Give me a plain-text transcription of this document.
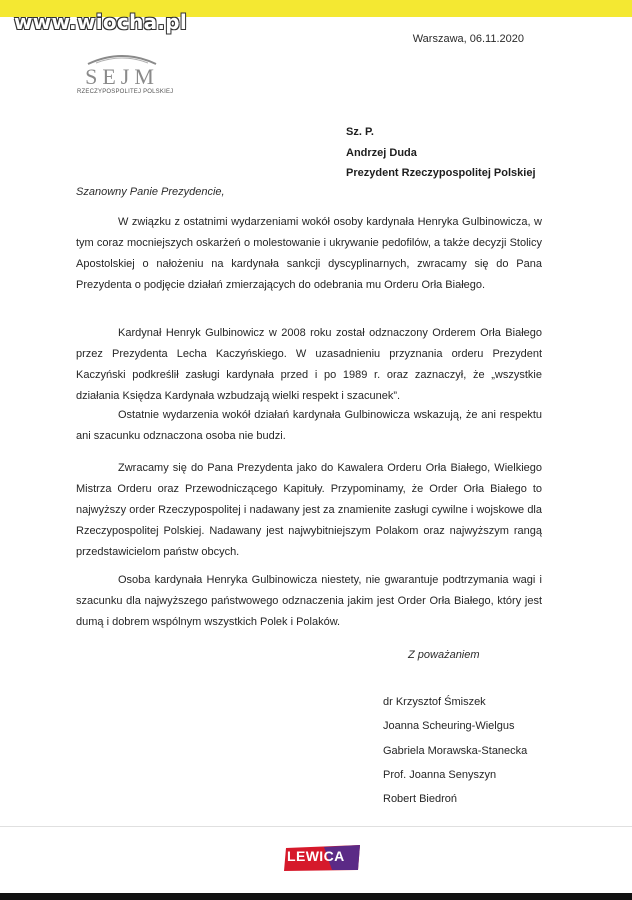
www.wiocha.pl
SEJM
RZECZYPOSPOLITEJ POLSKIEJ
Warszawa, 06.11.2020
Sz. P.
Andrzej Duda
Prezydent Rzeczypospolitej Polskiej
Szanowny Panie Prezydencie,

W związku z ostatnimi wydarzeniami wokół osoby kardynała Henryka Gulbinowicza, w tym coraz mocniejszych oskarżeń o molestowanie i ukrywanie pedofilów, a także decyzji Stolicy Apostolskiej o nałożeniu na kardynała sankcji dyscyplinarnych, zwracamy się do Pana Prezydenta o podjęcie działań zmierzających do odebrania mu Orderu Orła Białego.

Kardynał Henryk Gulbinowicz w 2008 roku został odznaczony Orderem Orła Białego przez Prezydenta Lecha Kaczyńskiego. W uzasadnieniu przyznania orderu Prezydent Kaczyński podkreślił zasługi kardynała przed i po 1989 r. oraz zaznaczył, że „wszystkie działania Księdza Kardynała wzbudzają wielki respekt i szacunek”.

Ostatnie wydarzenia wokół działań kardynała Gulbinowicza wskazują, że ani respektu ani szacunku odznaczona osoba nie budzi.

Zwracamy się do Pana Prezydenta jako do Kawalera Orderu Orła Białego, Wielkiego Mistrza Orderu oraz Przewodniczącego Kapituły. Przypominamy, że Order Orła Białego to najwyższy order Rzeczypospolitej i nadawany jest za znamienite zasługi cywilne i wojskowe dla Rzeczypospolitej Polskiej. Nadawany jest najwybitniejszym Polakom oraz najwyższym rangą przedstawicielom państw obcych.

Osoba kardynała Henryka Gulbinowicza niestety, nie gwarantuje podtrzymania wagi i szacunku dla najwyższego państwowego odznaczenia jakim jest Order Orła Białego, który jest dumą i dobrem wspólnym wszystkich Polek i Polaków.

Z poważaniem
dr Krzysztof Śmiszek
Joanna Scheuring-Wielgus
Gabriela Morawska-Stanecka
Prof. Joanna Senyszyn
Robert Biedroń
LEWICA
